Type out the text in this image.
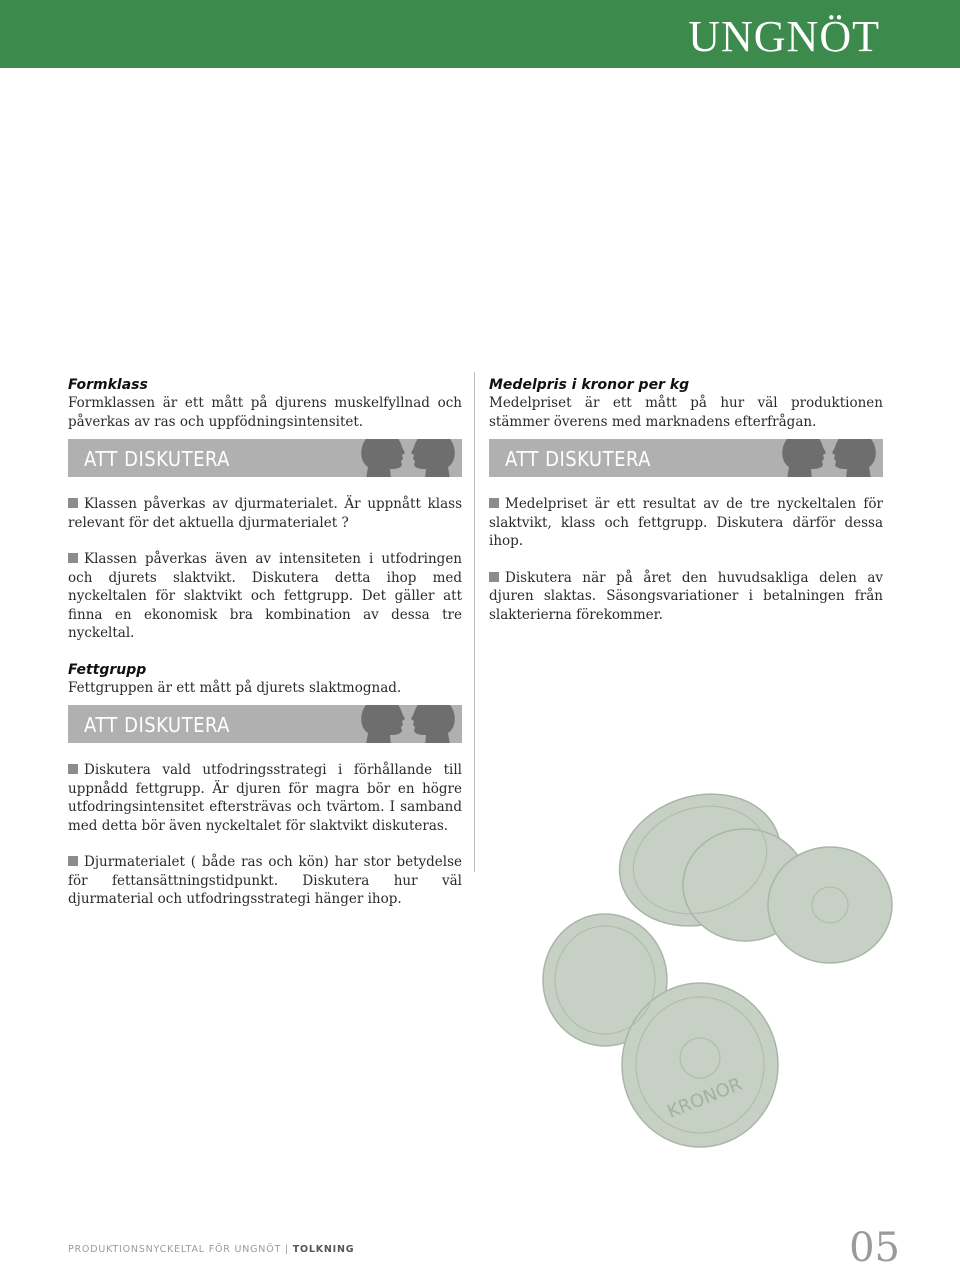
UNGNÖT
Formklass

Formklassen är ett mått på djurens muskelfyllnad och påverkas av ras och uppfödningsintensitet.

ATT DISKUTERA

Klassen påverkas av djurmaterialet. Är uppnått klass relevant för det aktuella djurmaterialet ?

Klassen påverkas även av intensiteten i utfodringen och djurets slaktvikt. Diskutera detta ihop med nyckeltalen för slaktvikt och fettgrupp. Det gäller att finna en ekonomisk bra kombination av dessa tre nyckeltal.

Fettgrupp

Fettgruppen är ett mått på djurets slaktmognad.

ATT DISKUTERA

Diskutera vald utfodringsstrategi i förhållande till uppnådd fettgrupp. Är djuren för magra bör en högre utfodringsintensitet eftersträvas och tvärtom. I samband med detta bör även nyckeltalet för slaktvikt diskuteras.

Djurmaterialet ( både ras och kön) har stor betydelse för fettansättningstidpunkt. Diskutera hur väl djurmaterial och utfodringsstrategi hänger ihop.

Medelpris i kronor per kg

Medelpriset är ett mått på hur väl produktionen stämmer överens med marknadens efterfrågan.

ATT DISKUTERA

Medelpriset är ett resultat av de tre nyckeltalen för slaktvikt, klass och fettgrupp. Diskutera därför dessa ihop.

Diskutera när på året den huvudsakliga delen av djuren slaktas. Säsongsvariationer i betalningen från slakterierna förekommer.

KRONOR
PRODUKTIONSNYCKELTAL FÖR UNGNÖT | TOLKNING	05
